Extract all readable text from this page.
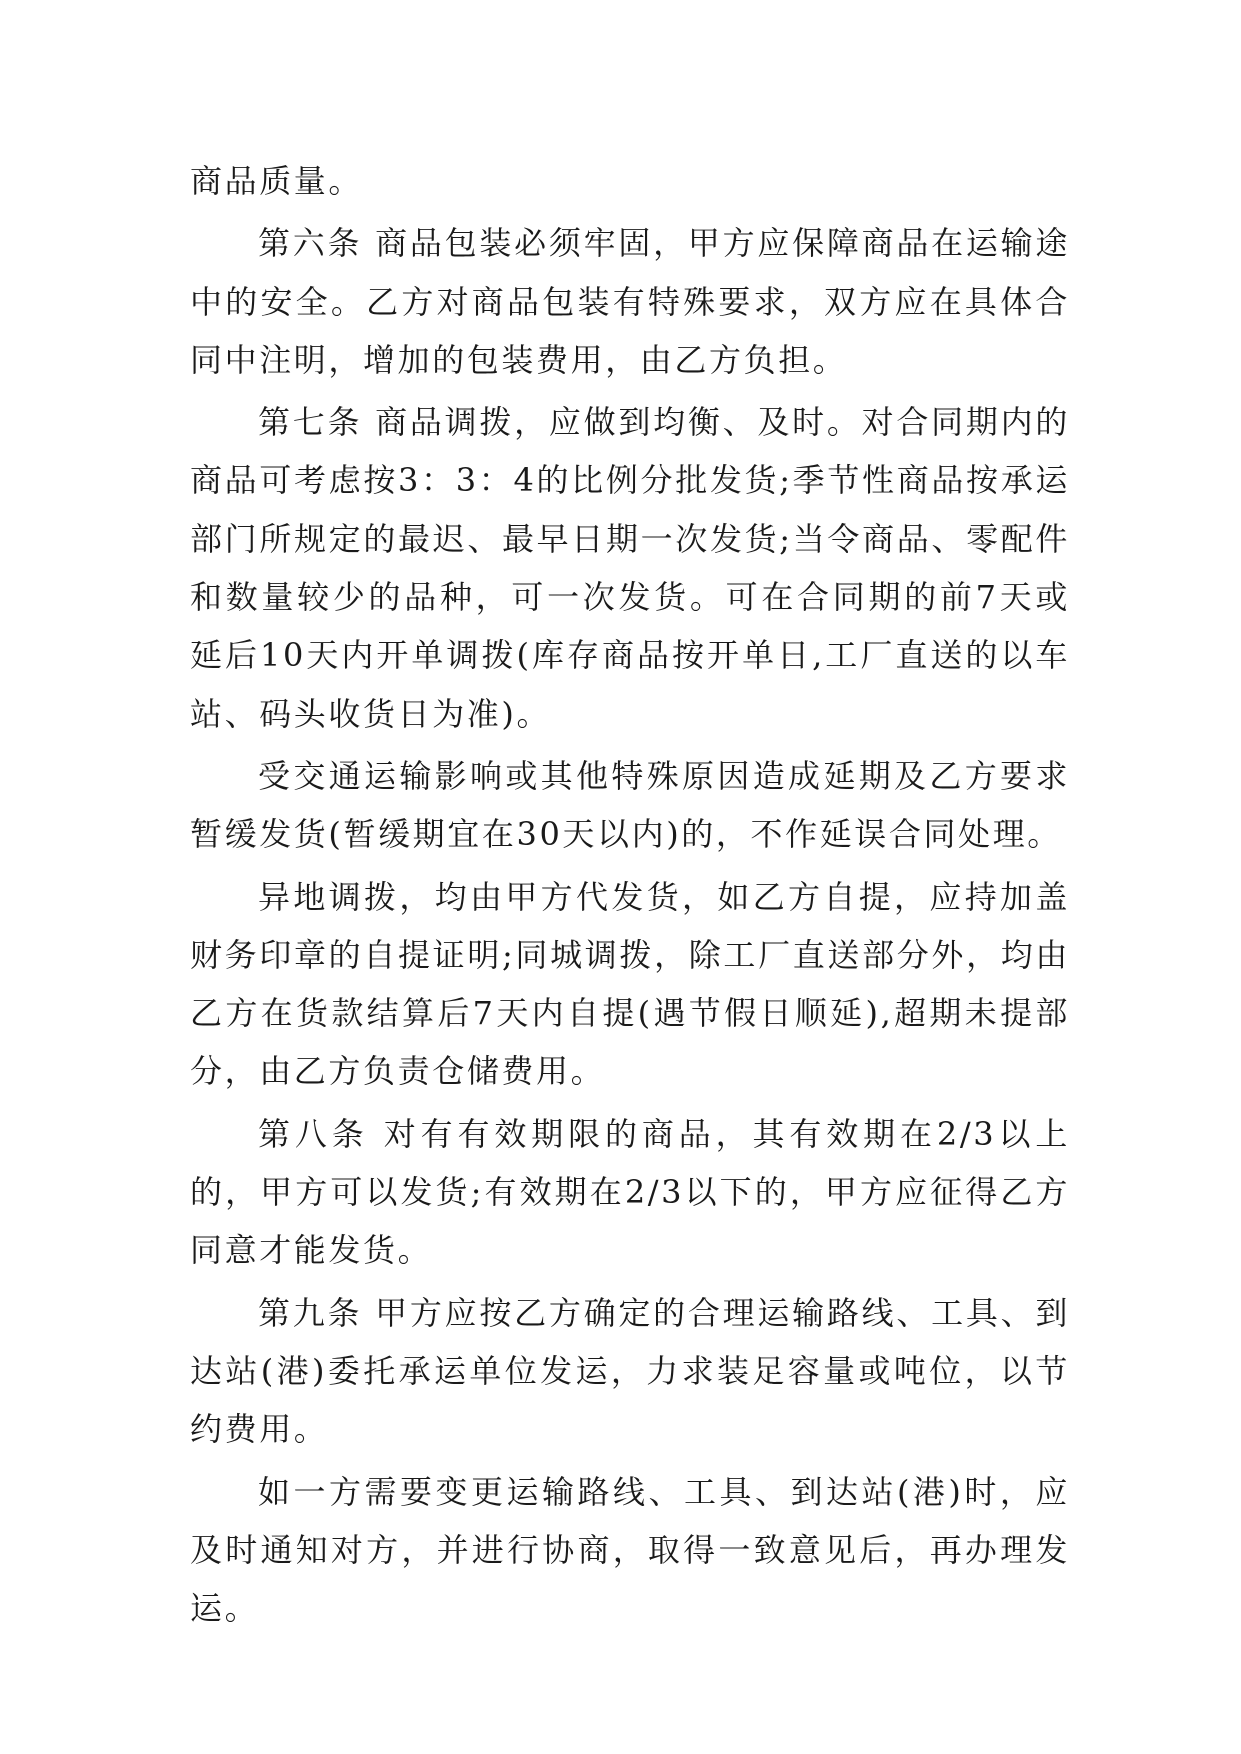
商品质量。

第六条 商品包装必须牢固，甲方应保障商品在运输途中的安全。乙方对商品包装有特殊要求，双方应在具体合同中注明，增加的包装费用，由乙方负担。

第七条 商品调拨，应做到均衡、及时。对合同期内的商品可考虑按3：3：4的比例分批发货;季节性商品按承运部门所规定的最迟、最早日期一次发货;当令商品、零配件和数量较少的品种，可一次发货。可在合同期的前7天或延后10天内开单调拨(库存商品按开单日,工厂直送的以车站、码头收货日为准)。

受交通运输影响或其他特殊原因造成延期及乙方要求暂缓发货(暂缓期宜在30天以内)的，不作延误合同处理。

异地调拨，均由甲方代发货，如乙方自提，应持加盖财务印章的自提证明;同城调拨，除工厂直送部分外，均由乙方在货款结算后7天内自提(遇节假日顺延),超期未提部分，由乙方负责仓储费用。

第八条 对有有效期限的商品，其有效期在2/3以上的，甲方可以发货;有效期在2/3以下的，甲方应征得乙方同意才能发货。

第九条 甲方应按乙方确定的合理运输路线、工具、到达站(港)委托承运单位发运，力求装足容量或吨位，以节约费用。

如一方需要变更运输路线、工具、到达站(港)时，应及时通知对方，并进行协商，取得一致意见后，再办理发运。
